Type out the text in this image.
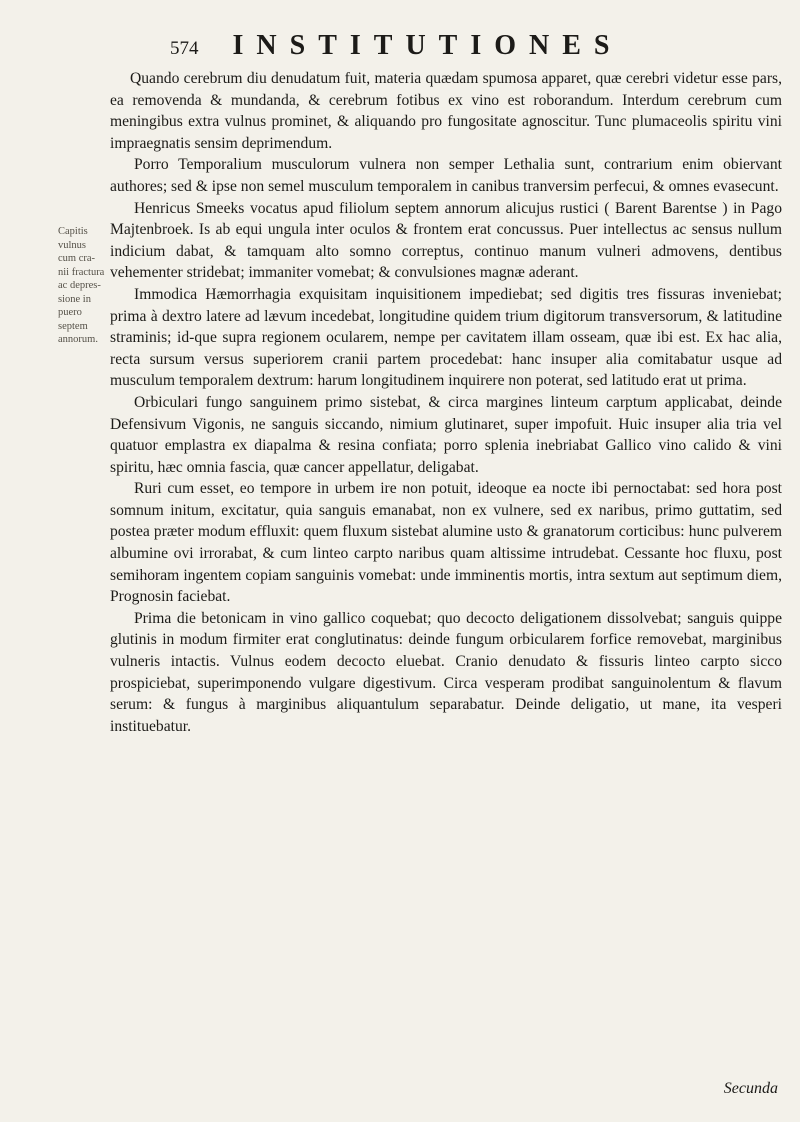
574 INSTITUTIONES
Capitis
vulnus
cum cra-
nii fractura
ac depres-
sione in
puero
septem
annorum.

Quando cerebrum diu denudatum fuit, materia quædam spumosa apparet, quæ cerebri videtur esse pars, ea removenda & mundanda, & cerebrum fotibus ex vino est roborandum. Interdum cerebrum cum meningibus extra vulnus prominet, & aliquando pro fungositate agnoscitur. Tunc plumaceolis spiritu vini impraegnatis sensim deprimendum.

Porro Temporalium musculorum vulnera non semper Lethalia sunt, contrarium enim obiervant authores; sed & ipse non semel musculum temporalem in canibus tranversim perfecui, & omnes evasecunt.

Henricus Smeeks vocatus apud filiolum septem annorum alicujus rustici ( Barent Barentse ) in Pago Majtenbroek. Is ab equi ungula inter oculos & frontem erat concussus. Puer intellectus ac sensus nullum indicium dabat, & tamquam alto somno correptus, continuo manum vulneri admovens, dentibus vehementer stridebat; immaniter vomebat; & convulsiones magnæ aderant.

Immodica Hæmorrhagia exquisitam inquisitionem impediebat; sed digitis tres fissuras inveniebat; prima à dextro latere ad lævum incedebat, longitudine quidem trium digitorum transversorum, & latitudine straminis; id-que supra regionem ocularem, nempe per cavitatem illam osseam, quæ ibi est. Ex hac alia, recta sursum versus superiorem cranii partem procedebat: hanc insuper alia comitabatur usque ad musculum temporalem dextrum: harum longitudinem inquirere non poterat, sed latitudo erat ut prima.

Orbiculari fungo sanguinem primo sistebat, & circa margines linteum carptum applicabat, deinde Defensivum Vigonis, ne sanguis siccando, nimium glutinaret, super impofuit. Huic insuper alia tria vel quatuor emplastra ex diapalma & resina confiata; porro splenia inebriabat Gallico vino calido & vini spiritu, hæc omnia fascia, quæ cancer appellatur, deligabat.

Ruri cum esset, eo tempore in urbem ire non potuit, ideoque ea nocte ibi pernoctabat: sed hora post somnum initum, excitatur, quia sanguis emanabat, non ex vulnere, sed ex naribus, primo guttatim, sed postea præter modum effluxit: quem fluxum sistebat alumine usto & granatorum corticibus: hunc pulverem albumine ovi irrorabat, & cum linteo carpto naribus quam altissime intrudebat. Cessante hoc fluxu, post semihoram ingentem copiam sanguinis vomebat: unde imminentis mortis, intra sextum aut septimum diem, Prognosin faciebat.

Prima die betonicam in vino gallico coquebat; quo decocto deligationem dissolvebat; sanguis quippe glutinis in modum firmiter erat conglutinatus: deinde fungum orbicularem forfice removebat, marginibus vulneris intactis. Vulnus eodem decocto eluebat. Cranio denudato & fissuris linteo carpto sicco prospiciebat, superimponendo vulgare digestivum. Circa vesperam prodibat sanguinolentum & flavum serum: & fungus à marginibus aliquantulum separabatur. Deinde deligatio, ut mane, ita vesperi instituebatur.

Secunda
